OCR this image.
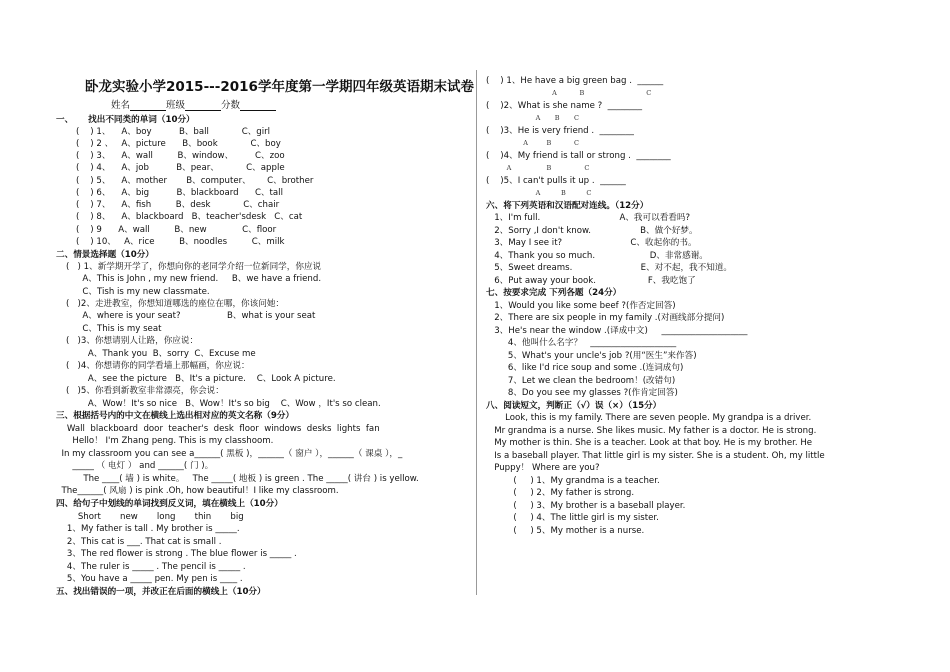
卧龙实验小学2015---2016学年度第一学期四年级英语期末试卷
姓名	班级	分数
一、     找出不同类的单词（10分）
(    ) 1、    A、boy          B、ball            C、girl
(    ) 2 、   A、picture      B、book            C、boy
(    ) 3、    A、wall         B、window、        C、zoo
(    ) 4、    A、job          B、pear、          C、apple
(    ) 5、    A、mother       B、computer、      C、brother
(    ) 6、    A、big          B、blackboard      C、tall
(    ) 7、    A、fish         B、desk            C、chair
(    ) 8、    A、blackboard   B、teacher'sdesk   C、cat
(    ) 9      A、wall         B、new             C、floor
(    ) 10、   A、rice         B、noodles         C、milk
二、情景选择题（10分）
(   ) 1、新学期开学了，你想向你的老同学介绍一位新同学，你应说
A、This is John , my new friend.     B、we have a friend.
C、Tish is my new classmate.
(   )2、走进教室，你想知道哪选的座位在哪，你该问她：
A、where is your seat?                 B、what is your seat
C、This is my seat
(   )3、你想请别人让路，你应说：
A、Thank you  B、sorry  C、Excuse me
(   )4、你想请你的同学看墙上那幅画，你应说：
A、see the picture   B、It's a picture.    C、Look A picture.
(   )5、你看到新教室非常漂亮，你会说：
A、Wow！It's so nice   B、Wow！It's so big    C、Wow ，It's so clean.
三、根据括号内的中文在横线上选出相对应的英文名称（9分）
Wall  blackboard  door  teacher's  desk  floor  windows  desks  lights  fan
Hello！ I'm Zhang peng. This is my classhoom.
In my classroom you can see a______( 黑板 )，______（ 窗户 ），______（ 课桌 ），_
_____ （ 电灯 ） and ______( 门 )。
The ____( 墙 ) is white。   The _____( 地板 ) is green . The _____( 讲台 ) is yellow.
The______( 风扇 ) is pink .Oh, how beautiful！I like my classroom.
四、给句子中划线的单词找到反义词，填在横线上（10分）
Short       new       long       thin       big
1、My father is tall . My brother is _____.
2、This cat is ___. That cat is small .
3、The red flower is strong . The blue flower is _____ .
4、The ruler is _____ . The pencil is _____ .
5、You have a _____ pen. My pen is ____ .
五、找出错误的一项，并改正在后面的横线上（10分）
(    ) 1、He have a big green bag .  ______
A           B                              C
(    )2、What is she name ?  ________
A       B       C
(    )3、He is very friend .  ________
A         B           C
(    )4、My friend is tall or strong .  ________
A                 B                C
(    )5、I can't pulls it up .  ______
A          B          C
六、将下列英语和汉语配对连线。（12分）
1、I'm full.                             A、我可以看看吗?
2、Sorry ,I don't know.                  B、做个好梦。
3、May I see it?                         C、收起你的书。
4、Thank you so much.                    D、非常感谢。
5、Sweet dreams.                         E、对不起，我不知道。
6、Put away your book.                   F、我吃饱了
七、按要求完成 下列各题（24分）
1、Would you like some beef ?(作否定回答)
2、There are six people in my family .(对画线部分提问)
3、He's near the window .(译成中文)     ____________________
4、他叫什么名字？   ____________________
5、What's your uncle's job ?(用“医生”来作答)
6、like I'd rice soup and some .(连词成句)
7、Let we clean the bedroom！(改错句)
8、Do you see my glasses ?(作肯定回答)
八、阅读短文，判断正（√）误（×）（15分）
Look, this is my family. There are seven people. My grandpa is a driver.
Mr grandma is a nurse. She likes music. My father is a doctor. He is strong.
My mother is thin. She is a teacher. Look at that boy. He is my brother. He
Is a baseball player. That little girl is my sister. She is a student. Oh, my little
Puppy！ Where are you?
(     ) 1、My grandma is a teacher.
(     ) 2、My father is strong.
(     ) 3、My brother is a baseball player.
(     ) 4、The little girl is my sister.
(     ) 5、My mother is a nurse.
